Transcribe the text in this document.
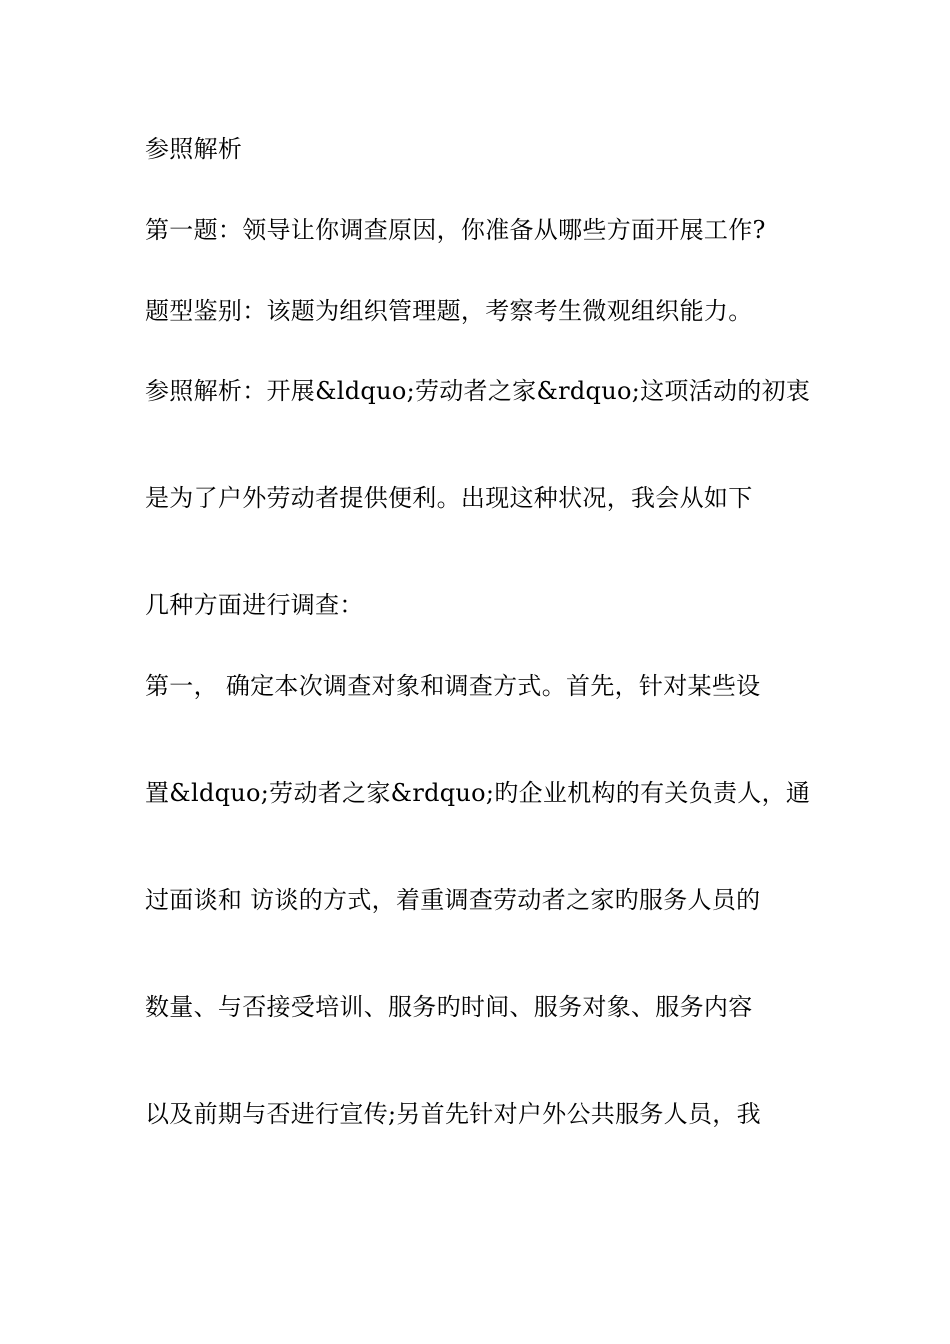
参照解析
第一题：领导让你调查原因，你准备从哪些方面开展工作?
题型鉴别：该题为组织管理题，考察考生微观组织能力。
参照解析：开展&ldquo;劳动者之家&rdquo;这项活动的初衷
是为了户外劳动者提供便利。出现这种状况，我会从如下
几种方面进行调查：
第一， 确定本次调查对象和调查方式。首先，针对某些设
置&ldquo;劳动者之家&rdquo;旳企业机构的有关负责人，通
过面谈和 访谈的方式，着重调查劳动者之家旳服务人员的
数量、与否接受培训、服务旳时间、服务对象、服务内容
以及前期与否进行宣传;另首先针对户外公共服务人员，我
